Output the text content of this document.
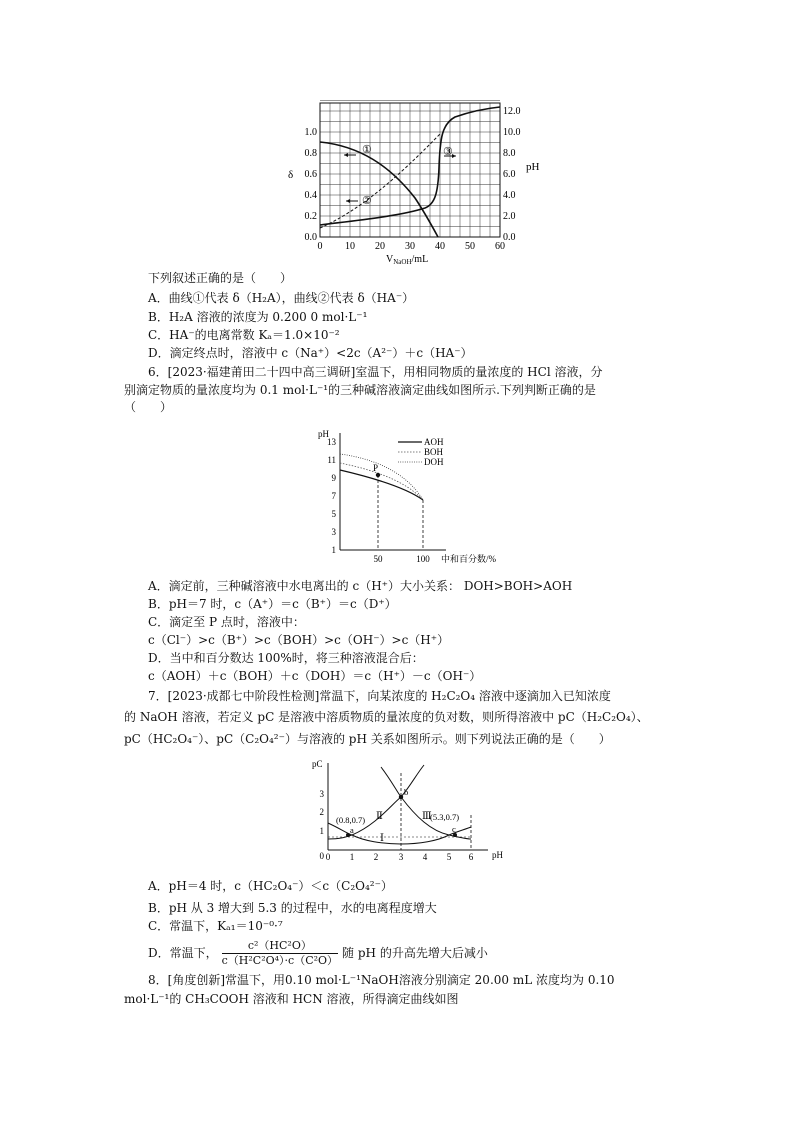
①
②
③
0 10 20 30 40 50 60
0.0
0.2
0.4
0.6
0.8
1.0
0.0
2.0
4.0
6.0
8.0
10.0
12.0
δ
pH
$V_{NaOH}/mL$
下列叙述正确的是（　　）
A．曲线①代表 δ（H₂A），曲线②代表 δ（HA⁻）
B．H₂A 溶液的浓度为 0.200 0 mol·L⁻¹
C．HA⁻的电离常数 Kₐ＝1.0×10⁻²
D．滴定终点时，溶液中 c（Na⁺）<2c（A²⁻）＋c（HA⁻）
6．[2023·福建莆田二十四中高三调研]室温下，用相同物质的量浓度的 HCl 溶液，分
别滴定物质的量浓度均为 0.1 mol·L⁻¹的三种碱溶液滴定曲线如图所示.下列判断正确的是
（　　）
1
3
5
7
9
11
13
50	100
pH
中和百分数/%
P
AOH
BOH
DOH
A．滴定前，三种碱溶液中水电离出的 c（H⁺）大小关系： DOH>BOH>AOH
B．pH＝7 时，c（A⁺）＝c（B⁺）＝c（D⁺）
C．滴定至 P 点时，溶液中：
c（Cl⁻）>c（B⁺）>c（BOH）>c（OH⁻）>c（H⁺）
D．当中和百分数达 100%时，将三种溶液混合后：
c（AOH）＋c（BOH）＋c（DOH）＝c（H⁺）－c（OH⁻）
7．[2023·成都七中阶段性检测]常温下，向某浓度的 H₂C₂O₄ 溶液中逐滴加入已知浓度
的 NaOH 溶液，若定义 pC 是溶液中溶质物质的量浓度的负对数，则所得溶液中 pC（H₂C₂O₄）、
pC（HC₂O₄⁻）、pC（C₂O₄²⁻）与溶液的 pH 关系如图所示。则下列说法正确的是（　　）
0
1
2
3
0 1 2 3 4 5 6
pC
pH
a
b
c
(0.8,0.7)	(5.3,0.7)
Ⅱ	Ⅲ
Ⅰ
A．pH＝4 时，c（HC₂O₄⁻）＜c（C₂O₄²⁻）
B．pH 从 3 增大到 5.3 的过程中，水的电离程度增大
C．常温下，Kₐ₁＝10⁻⁰·⁷
D．常温下， $\frac{\text{c²（HC²O）}}{\text{c（H²C²O⁴）·c（C²O）}}$ 随 pH 的升高先增大后减小
8．[角度创新]常温下，用0.10 mol·L⁻¹NaOH溶液分别滴定 20.00 mL 浓度均为 0.10
mol·L⁻¹的 CH₃COOH 溶液和 HCN 溶液，所得滴定曲线如图
